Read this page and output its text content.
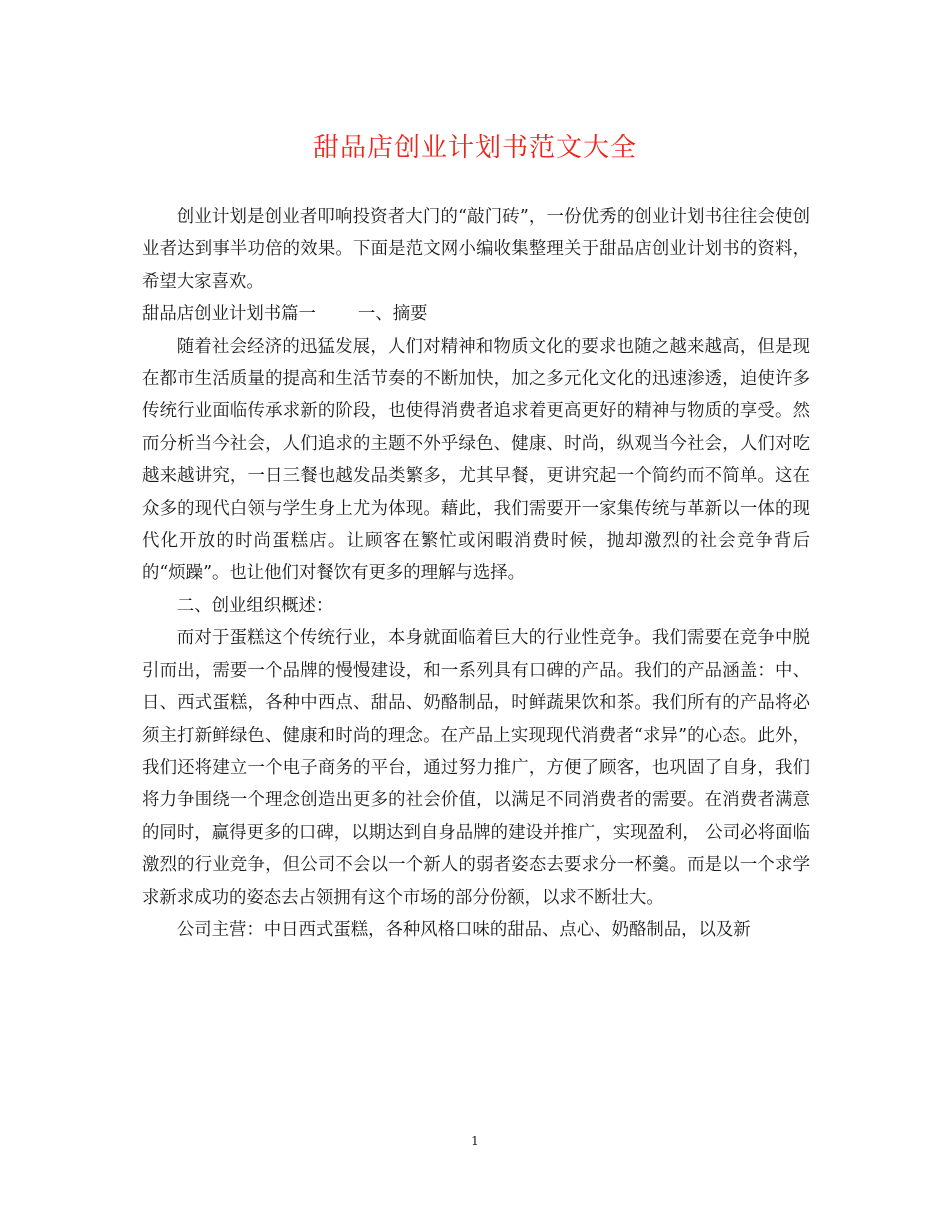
甜品店创业计划书范文大全

创业计划是创业者叩响投资者大门的“敲门砖”，一份优秀的创业计划书往往会使创业者达到事半功倍的效果。下面是范文网小编收集整理关于甜品店创业计划书的资料，希望大家喜欢。

甜品店创业计划书篇一 一、摘要

随着社会经济的迅猛发展，人们对精神和物质文化的要求也随之越来越高，但是现在都市生活质量的提高和生活节奏的不断加快，加之多元化文化的迅速渗透，迫使许多传统行业面临传承求新的阶段，也使得消费者追求着更高更好的精神与物质的享受。然而分析当今社会，人们追求的主题不外乎绿色、健康、时尚，纵观当今社会，人们对吃越来越讲究，一日三餐也越发品类繁多，尤其早餐，更讲究起一个简约而不简单。这在众多的现代白领与学生身上尤为体现。藉此，我们需要开一家集传统与革新以一体的现代化开放的时尚蛋糕店。让顾客在繁忙或闲暇消费时候，抛却激烈的社会竞争背后的“烦躁”。也让他们对餐饮有更多的理解与选择。

二、创业组织概述：

而对于蛋糕这个传统行业，本身就面临着巨大的行业性竞争。我们需要在竞争中脱引而出，需要一个品牌的慢慢建设，和一系列具有口碑的产品。我们的产品涵盖：中、日、西式蛋糕，各种中西点、甜品、奶酪制品，时鲜蔬果饮和茶。我们所有的产品将必须主打新鲜绿色、健康和时尚的理念。在产品上实现现代消费者“求异”的心态。此外，我们还将建立一个电子商务的平台，通过努力推广，方便了顾客，也巩固了自身，我们将力争围绕一个理念创造出更多的社会价值，以满足不同消费者的需要。在消费者满意的同时，赢得更多的口碑，以期达到自身品牌的建设并推广，实现盈利， 公司必将面临激烈的行业竞争，但公司不会以一个新人的弱者姿态去要求分一杯羹。而是以一个求学求新求成功的姿态去占领拥有这个市场的部分份额，以求不断壮大。

公司主营：中日西式蛋糕，各种风格口味的甜品、点心、奶酪制品，以及新

1
